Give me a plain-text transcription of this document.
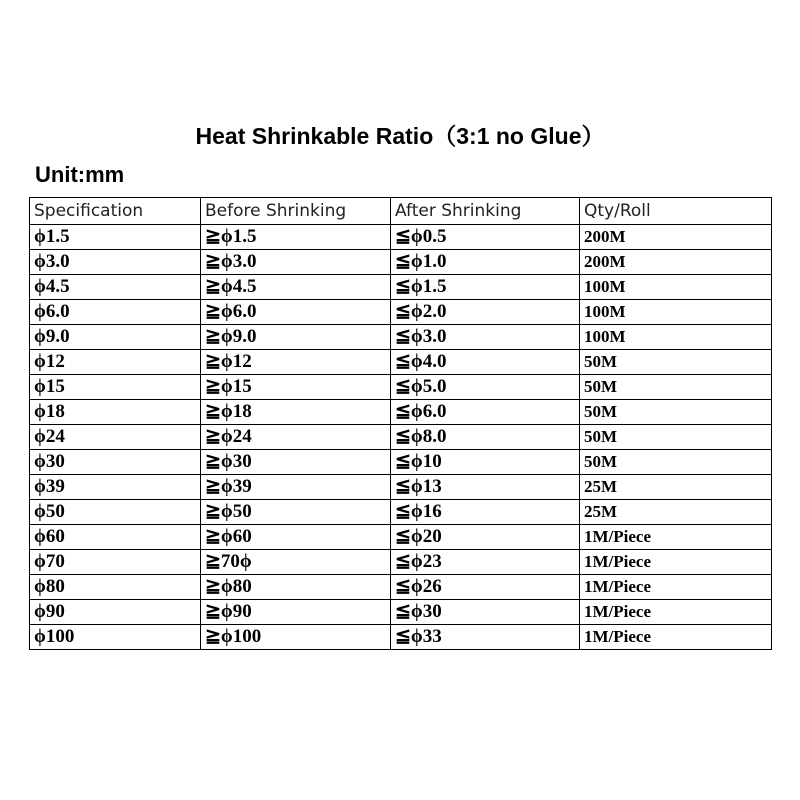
Heat Shrinkable Ratio（3:1 no Glue）
Unit:mm
Specification	Before Shrinking	After Shrinking	Qty/Roll
ϕ1.5	≧ϕ1.5	≦ϕ0.5	200M
ϕ3.0	≧ϕ3.0	≦ϕ1.0	200M
ϕ4.5	≧ϕ4.5	≦ϕ1.5	100M
ϕ6.0	≧ϕ6.0	≦ϕ2.0	100M
ϕ9.0	≧ϕ9.0	≦ϕ3.0	100M
ϕ12	≧ϕ12	≦ϕ4.0	50M
ϕ15	≧ϕ15	≦ϕ5.0	50M
ϕ18	≧ϕ18	≦ϕ6.0	50M
ϕ24	≧ϕ24	≦ϕ8.0	50M
ϕ30	≧ϕ30	≦ϕ10	50M
ϕ39	≧ϕ39	≦ϕ13	25M
ϕ50	≧ϕ50	≦ϕ16	25M
ϕ60	≧ϕ60	≦ϕ20	1M/Piece
ϕ70	≧70ϕ	≦ϕ23	1M/Piece
ϕ80	≧ϕ80	≦ϕ26	1M/Piece
ϕ90	≧ϕ90	≦ϕ30	1M/Piece
ϕ100	≧ϕ100	≦ϕ33	1M/Piece
